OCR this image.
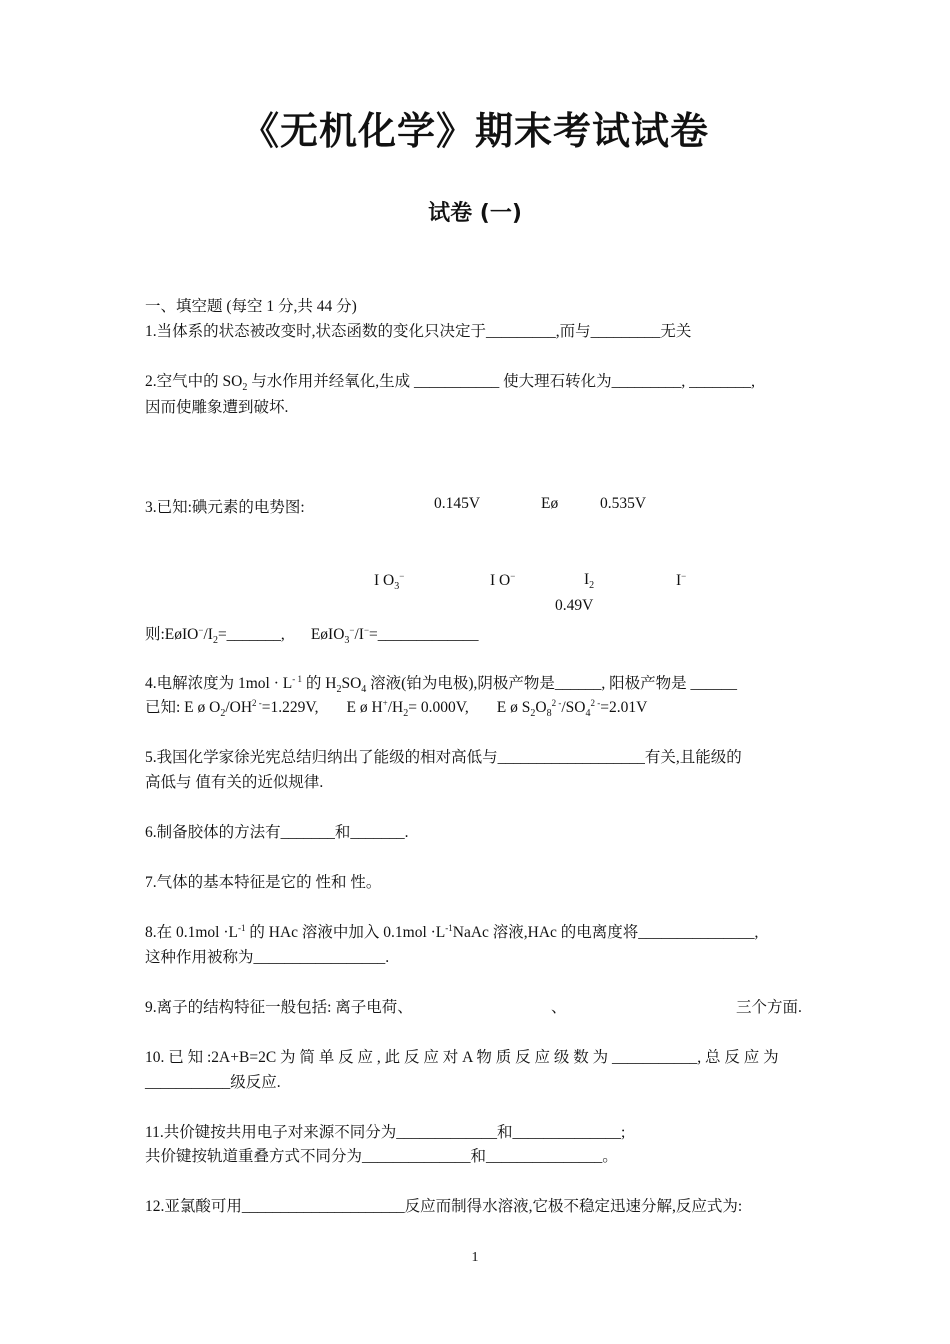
《无机化学》期末考试试卷
试卷 (一)
一、填空题 (每空 1 分,共 44 分)
1.当体系的状态被改变时,状态函数的变化只决定于_________,而与_________无关
2.空气中的 $SO_2$ 与水作用并经氧化,生成 ___________ 使大理石转化为_________, ________,
因而使雕象遭到破坏.
3.已知:碘元素的电势图:	0.145V	Eø	0.535V
I $O_3^-$	I O−	$I_2$	I−
0.49V
则$:EøIO^-/I_2=\_\_\_\_\_\_\_$, EøIO$_3$−/I−=_____________
4.电解浓度为 $1mol \cdot L^{- 1}$ 的 $H_2SO_4$ 溶液(铂为电极),阴极产物是______, 阳极产物是 ______
已知: E ø $O_2/OH^{2 -}=1.229V$, E ø $H^+/H_2= 0.000V$, E ø $S_2O_8^{2 -}/SO_4^{2 -}=2.01V$
5.我国化学家徐光宪总结归纳出了能级的相对高低与___________________有关,且能级的
高低与 值有关的近似规律.
6.制备胶体的方法有_______和_______.
7.气体的基本特征是它的 性和 性。
8.在 $0.1mol \cdot L^{-1}$ 的 HAc 溶液中加入 $0.1mol \cdot L^{-1}NaAc$ 溶液,HAc 的电离度将_______________,
这种作用被称为_________________.
9.离子的结构特征一般包括: 离子电荷、	、	三个方面.
10. 已 知 :2A+B=2C 为 简 单 反 应 , 此 反 应 对 A 物 质 反 应 级 数 为 ___________, 总 反 应 为
___________级反应.
11.共价键按共用电子对来源不同分为_____________和______________;
共价键按轨道重叠方式不同分为______________和_______________。
12.亚氯酸可用_____________________反应而制得水溶液,它极不稳定迅速分解,反应式为:
1
